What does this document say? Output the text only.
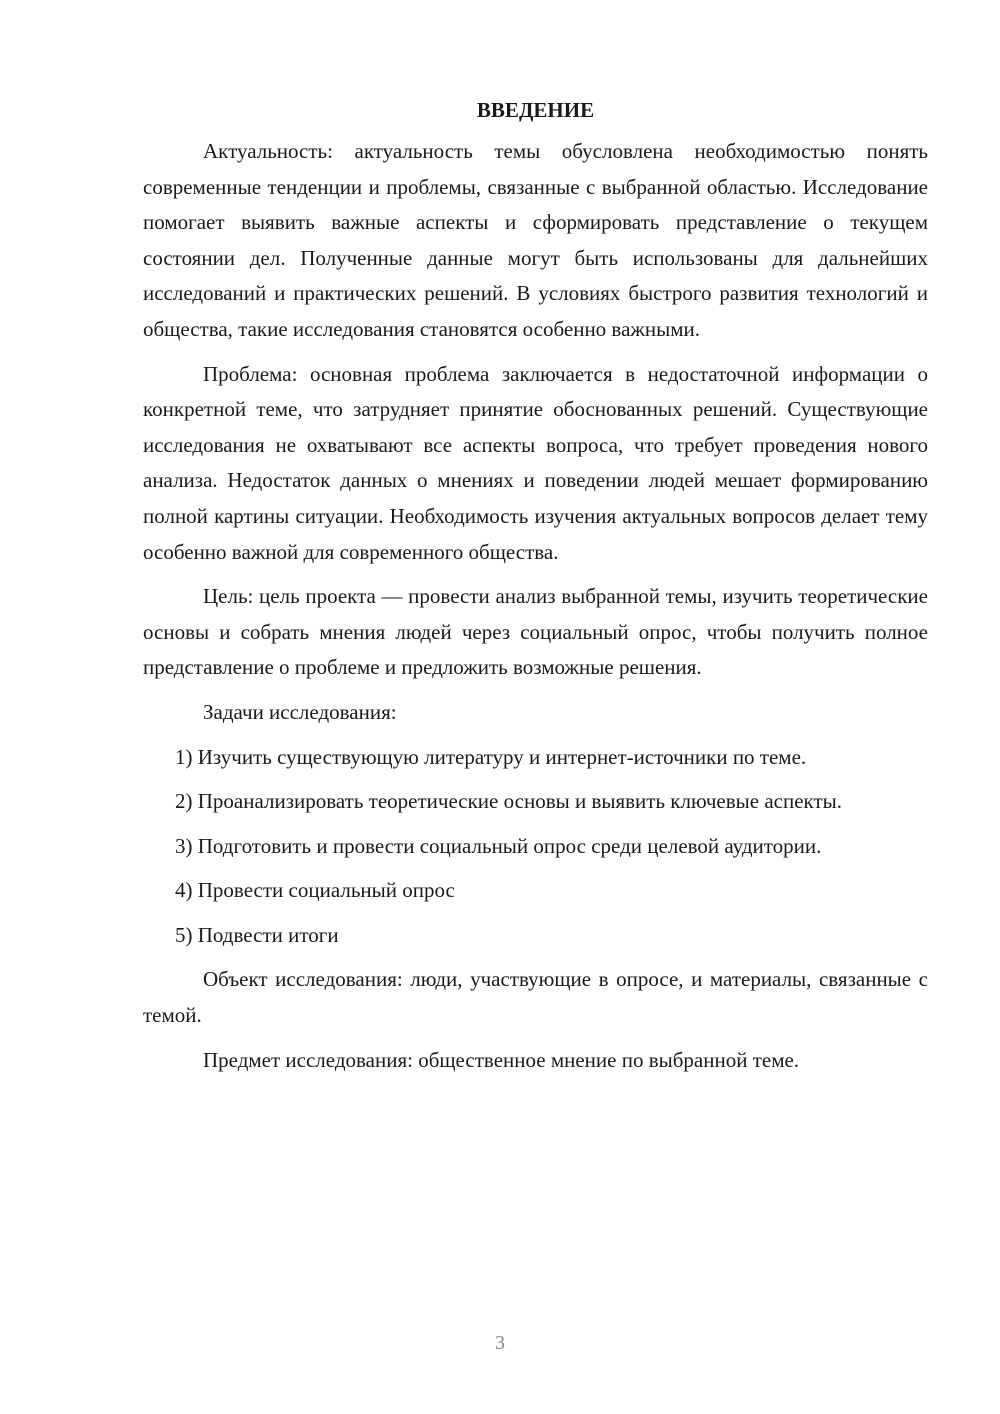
ВВЕДЕНИЕ

Актуальность: актуальность темы обусловлена необходимостью понять современные тенденции и проблемы, связанные с выбранной областью. Исследование помогает выявить важные аспекты и сформировать представление о текущем состоянии дел. Полученные данные могут быть использованы для дальнейших исследований и практических решений. В условиях быстрого развития технологий и общества, такие исследования становятся особенно важными.

Проблема: основная проблема заключается в недостаточной информации о конкретной теме, что затрудняет принятие обоснованных решений. Существующие исследования не охватывают все аспекты вопроса, что требует проведения нового анализа. Недостаток данных о мнениях и поведении людей мешает формированию полной картины ситуации. Необходимость изучения актуальных вопросов делает тему особенно важной для современного общества.

Цель: цель проекта — провести анализ выбранной темы, изучить теоретические основы и собрать мнения людей через социальный опрос, чтобы получить полное представление о проблеме и предложить возможные решения.

Задачи исследования:

1) Изучить существующую литературу и интернет-источники по теме.

2) Проанализировать теоретические основы и выявить ключевые аспекты.

3) Подготовить и провести социальный опрос среди целевой аудитории.

4) Провести социальный опрос

5) Подвести итоги

Объект исследования: люди, участвующие в опросе, и материалы, связанные с темой.

Предмет исследования: общественное мнение по выбранной теме.

3
